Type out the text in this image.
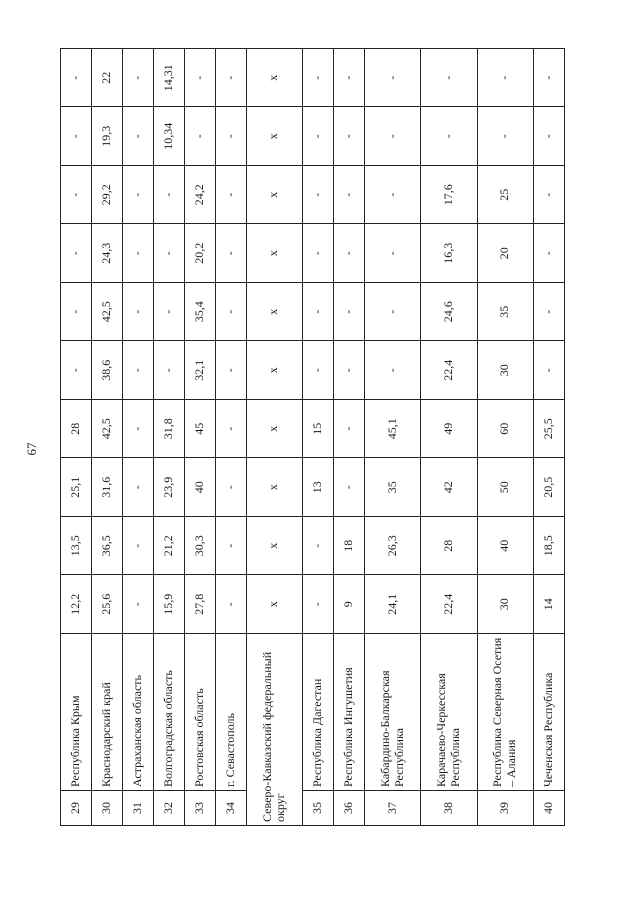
67
29	Республика Крым	12,2	13,5	25,1	28	-	-	-	-	-	-
30	Краснодарский край	25,6	36,5	31,6	42,5	38,6	42,5	24,3	29,2	19,3	22
31	Астраханская область	-	-	-	-	-	-	-	-	-	-
32	Волгоградская область	15,9	21,2	23,9	31,8	-	-	-	-	10,34	14,31
33	Ростовская область	27,8	30,3	40	45	32,1	35,4	20,2	24,2	-	-
34	г. Севастополь	-	-	-	-	-	-	-	-	-	-
Северо-Кавказский федеральный округ		х	х	х	х	х	х	х	х	х	х
35	Республика Дагестан	-	-	13	15	-	-	-	-	-	-
36	Республика Ингушетия	9	18	-	-	-	-	-	-	-	-
37	Кабардино-Балкарская Республика	24,1	26,3	35	45,1	-	-	-	-	-	-
38	Карачаево-Черкесская Республика	22,4	28	42	49	22,4	24,6	16,3	17,6	-	-
39	Республика Северная Осетия – Алания	30	40	50	60	30	35	20	25	-	-
40	Чеченская Республика	14	18,5	20,5	25,5	-	-	-	-	-	-
